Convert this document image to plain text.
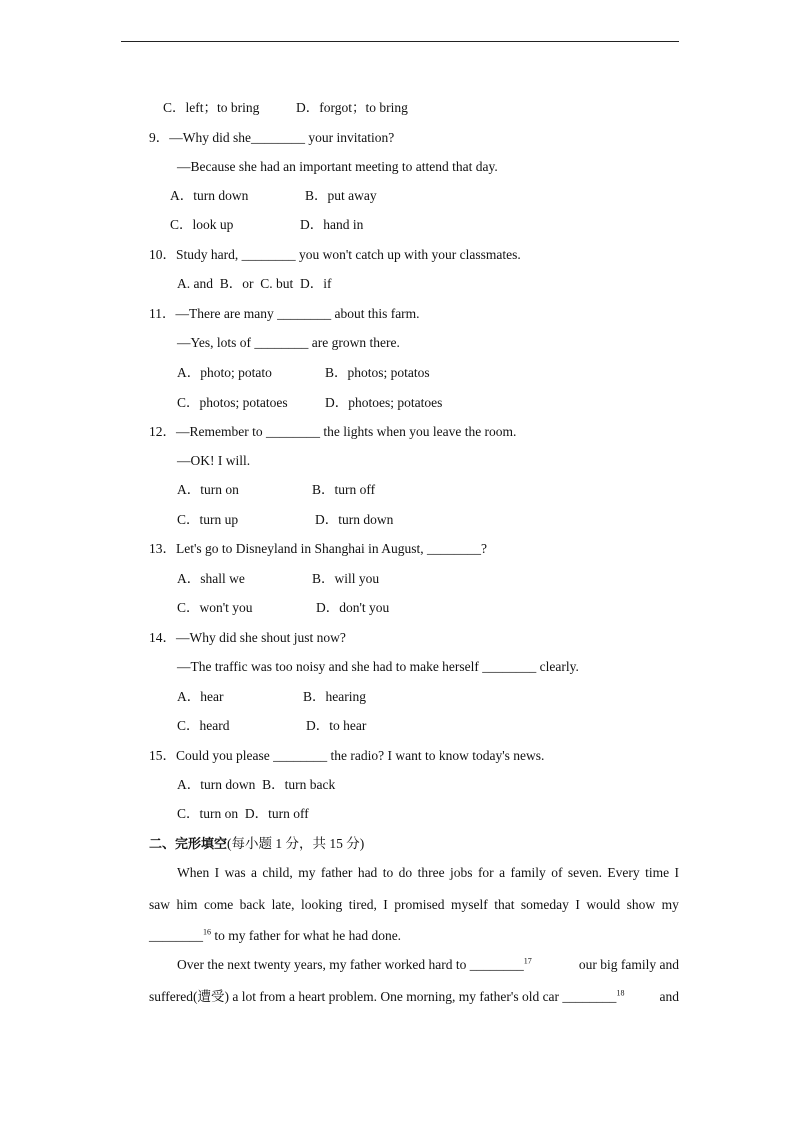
C．left；to bring	D．forgot；to bring
9．—Why did she________ your invitation?
—Because she had an important meeting to attend that day.
A．turn down	B．put away
C．look up	D．hand in
10．Study hard, ________ you won't catch up with your classmates.
A. and  B．or  C. but  D．if
11．—There are many ________ about this farm.
—Yes, lots of ________ are grown there.
A．photo; potato	B．photos; potatos
C．photos; potatoes	D．photoes; potatoes
12．—Remember to ________ the lights when you leave the room.
—OK! I will.
A．turn on	B．turn off
C．turn up	D．turn down
13．Let's go to Disneyland in Shanghai in August, ________?
A．shall we	B．will you
C．won't you	D．don't you
14．—Why did she shout just now?
—The traffic was too noisy and she had to make herself ________ clearly.
A．hear	B．hearing
C．heard	D．to hear
15．Could you please ________ the radio? I want to know today's news.
A．turn down  B．turn back
C．turn on  D．turn off
二、完形填空(每小题 1 分，共 15 分)
When I was a child, my father had to do three jobs for a family of seven. Every time I
saw him come back late, looking tired, I promised myself that someday I would show my
________$^{16}$ to my father for what he had done.
Over the next twenty years, my father worked hard to ________$^{17}$	our big family and
suffered(遭受) a lot from a heart problem. One morning, my father's old car ________$^{18}$	and
